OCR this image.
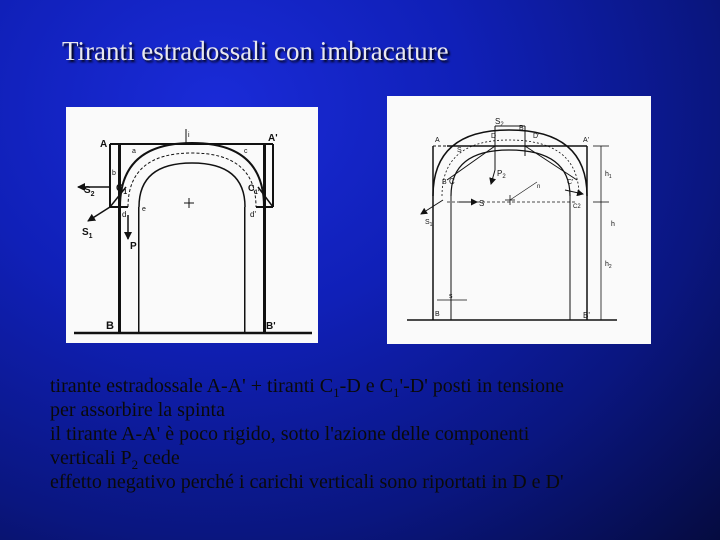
Tiranti estradossali con imbracature
A
A'
$S_2$
$C_1$	$C_{1'}$
$S_1$
P
d	d'
B	B'
a
b
e
i
c
A	A'
S
$S_2$
D	D'
B
$P_2$
C
B	C'
S
$S_1$
B	B'
$h_1$
h
$h_2$
s
C2
n

tirante estradossale A-A' + tiranti $C_1-D$ e $C_1'-D'$ posti in tensione

per assorbire la spinta

il tirante A-A' è poco rigido, sotto l'azione delle componenti

verticali $P_2$ cede

effetto negativo perché i carichi verticali sono riportati in D e D'
